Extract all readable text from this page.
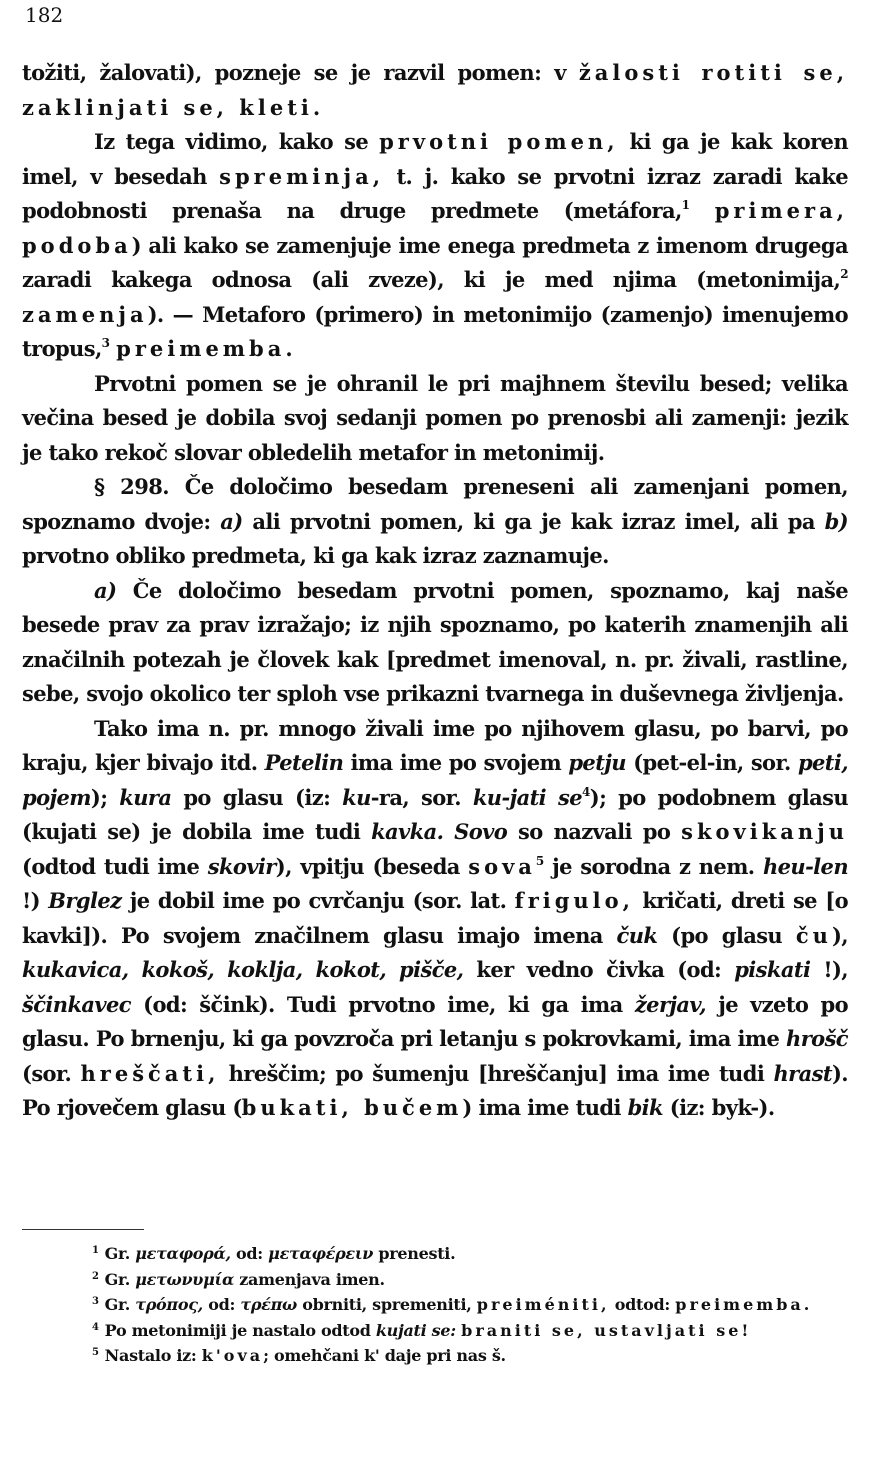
182

tožiti, žalovati), pozneje se je razvil pomen: v žalosti rotiti se, zaklinjati se, kleti.

Iz tega vidimo, kako se prvotni pomen, ki ga je kak koren imel, v besedah spreminja, t. j. kako se prvotni izraz zaradi kake podobnosti prenaša na druge predmete (metáfora,$^1$ primera, podoba) ali kako se zamenjuje ime enega predmeta z imenom drugega zaradi kakega odnosa (ali zveze), ki je med njima (metonimija,$^2$ zamenja). — Metaforo (primero) in metonimijo (zamenjo) imenujemo tropus,$^3$ preimemba.

Prvotni pomen se je ohranil le pri majhnem številu besed; velika večina besed je dobila svoj sedanji pomen po prenosbi ali zamenji: jezik je tako rekoč slovar obledelih metafor in metonimij.

§ 298. Če določimo besedam preneseni ali zamenjani pomen, spoznamo dvoje: a) ali prvotni pomen, ki ga je kak izraz imel, ali pa b) prvotno obliko predmeta, ki ga kak izraz zaznamuje.

a) Če določimo besedam prvotni pomen, spoznamo, kaj naše besede prav za prav izražajo; iz njih spoznamo, po katerih znamenjih ali značilnih potezah je človek kak [predmet imenoval, n. pr. živali, rastline, sebe, svojo okolico ter sploh vse prikazni tvarnega in duševnega življenja.

Tako ima n. pr. mnogo živali ime po njihovem glasu, po barvi, po kraju, kjer bivajo itd. Petelin ima ime po svojem petju (pet-el-in, sor. peti, pojem); kura po glasu (iz: ku-ra, sor. ku-jati $se^4$); po podobnem glasu (kujati se) je dobila ime tudi kavka. Sovo so nazvali po skovikanju (odtod tudi ime skovir), vpitju (beseda sova$^5$ je sorodna z nem. heu-len !) Brglez je dobil ime po cvrčanju (sor. lat. frigulo, kričati, dreti se [o kavki]). Po svojem značilnem glasu imajo imena čuk (po glasu ču), kukavica, kokoš, koklja, kokot, pišče, ker vedno čivka (od: piskati !), ščinkavec (od: ščink). Tudi prvotno ime, ki ga ima žerjav, je vzeto po glasu. Po brnenju, ki ga povzroča pri letanju s pokrovkami, ima ime hrošč (sor. hreščati, hreščim; po šumenju [hreščanju] ima ime tudi hrast). Po rjovečem glasu (bukati, bučem) ima ime tudi bik (iz: byk-).

$^1$ Gr. μεταφορά, od: μεταφέρειν prenesti.

$^2$ Gr. μετωνυμία zamenjava imen.

$^3$ Gr. τρόπος, od: τρέπω obrniti, spremeniti, preiméniti, odtod: preimemba.

$^4$ Po metonimiji je nastalo odtod kujati se: braniti se, ustavljati se!

$^5$ Nastalo iz: k'ova; omehčani k' daje pri nas š.
